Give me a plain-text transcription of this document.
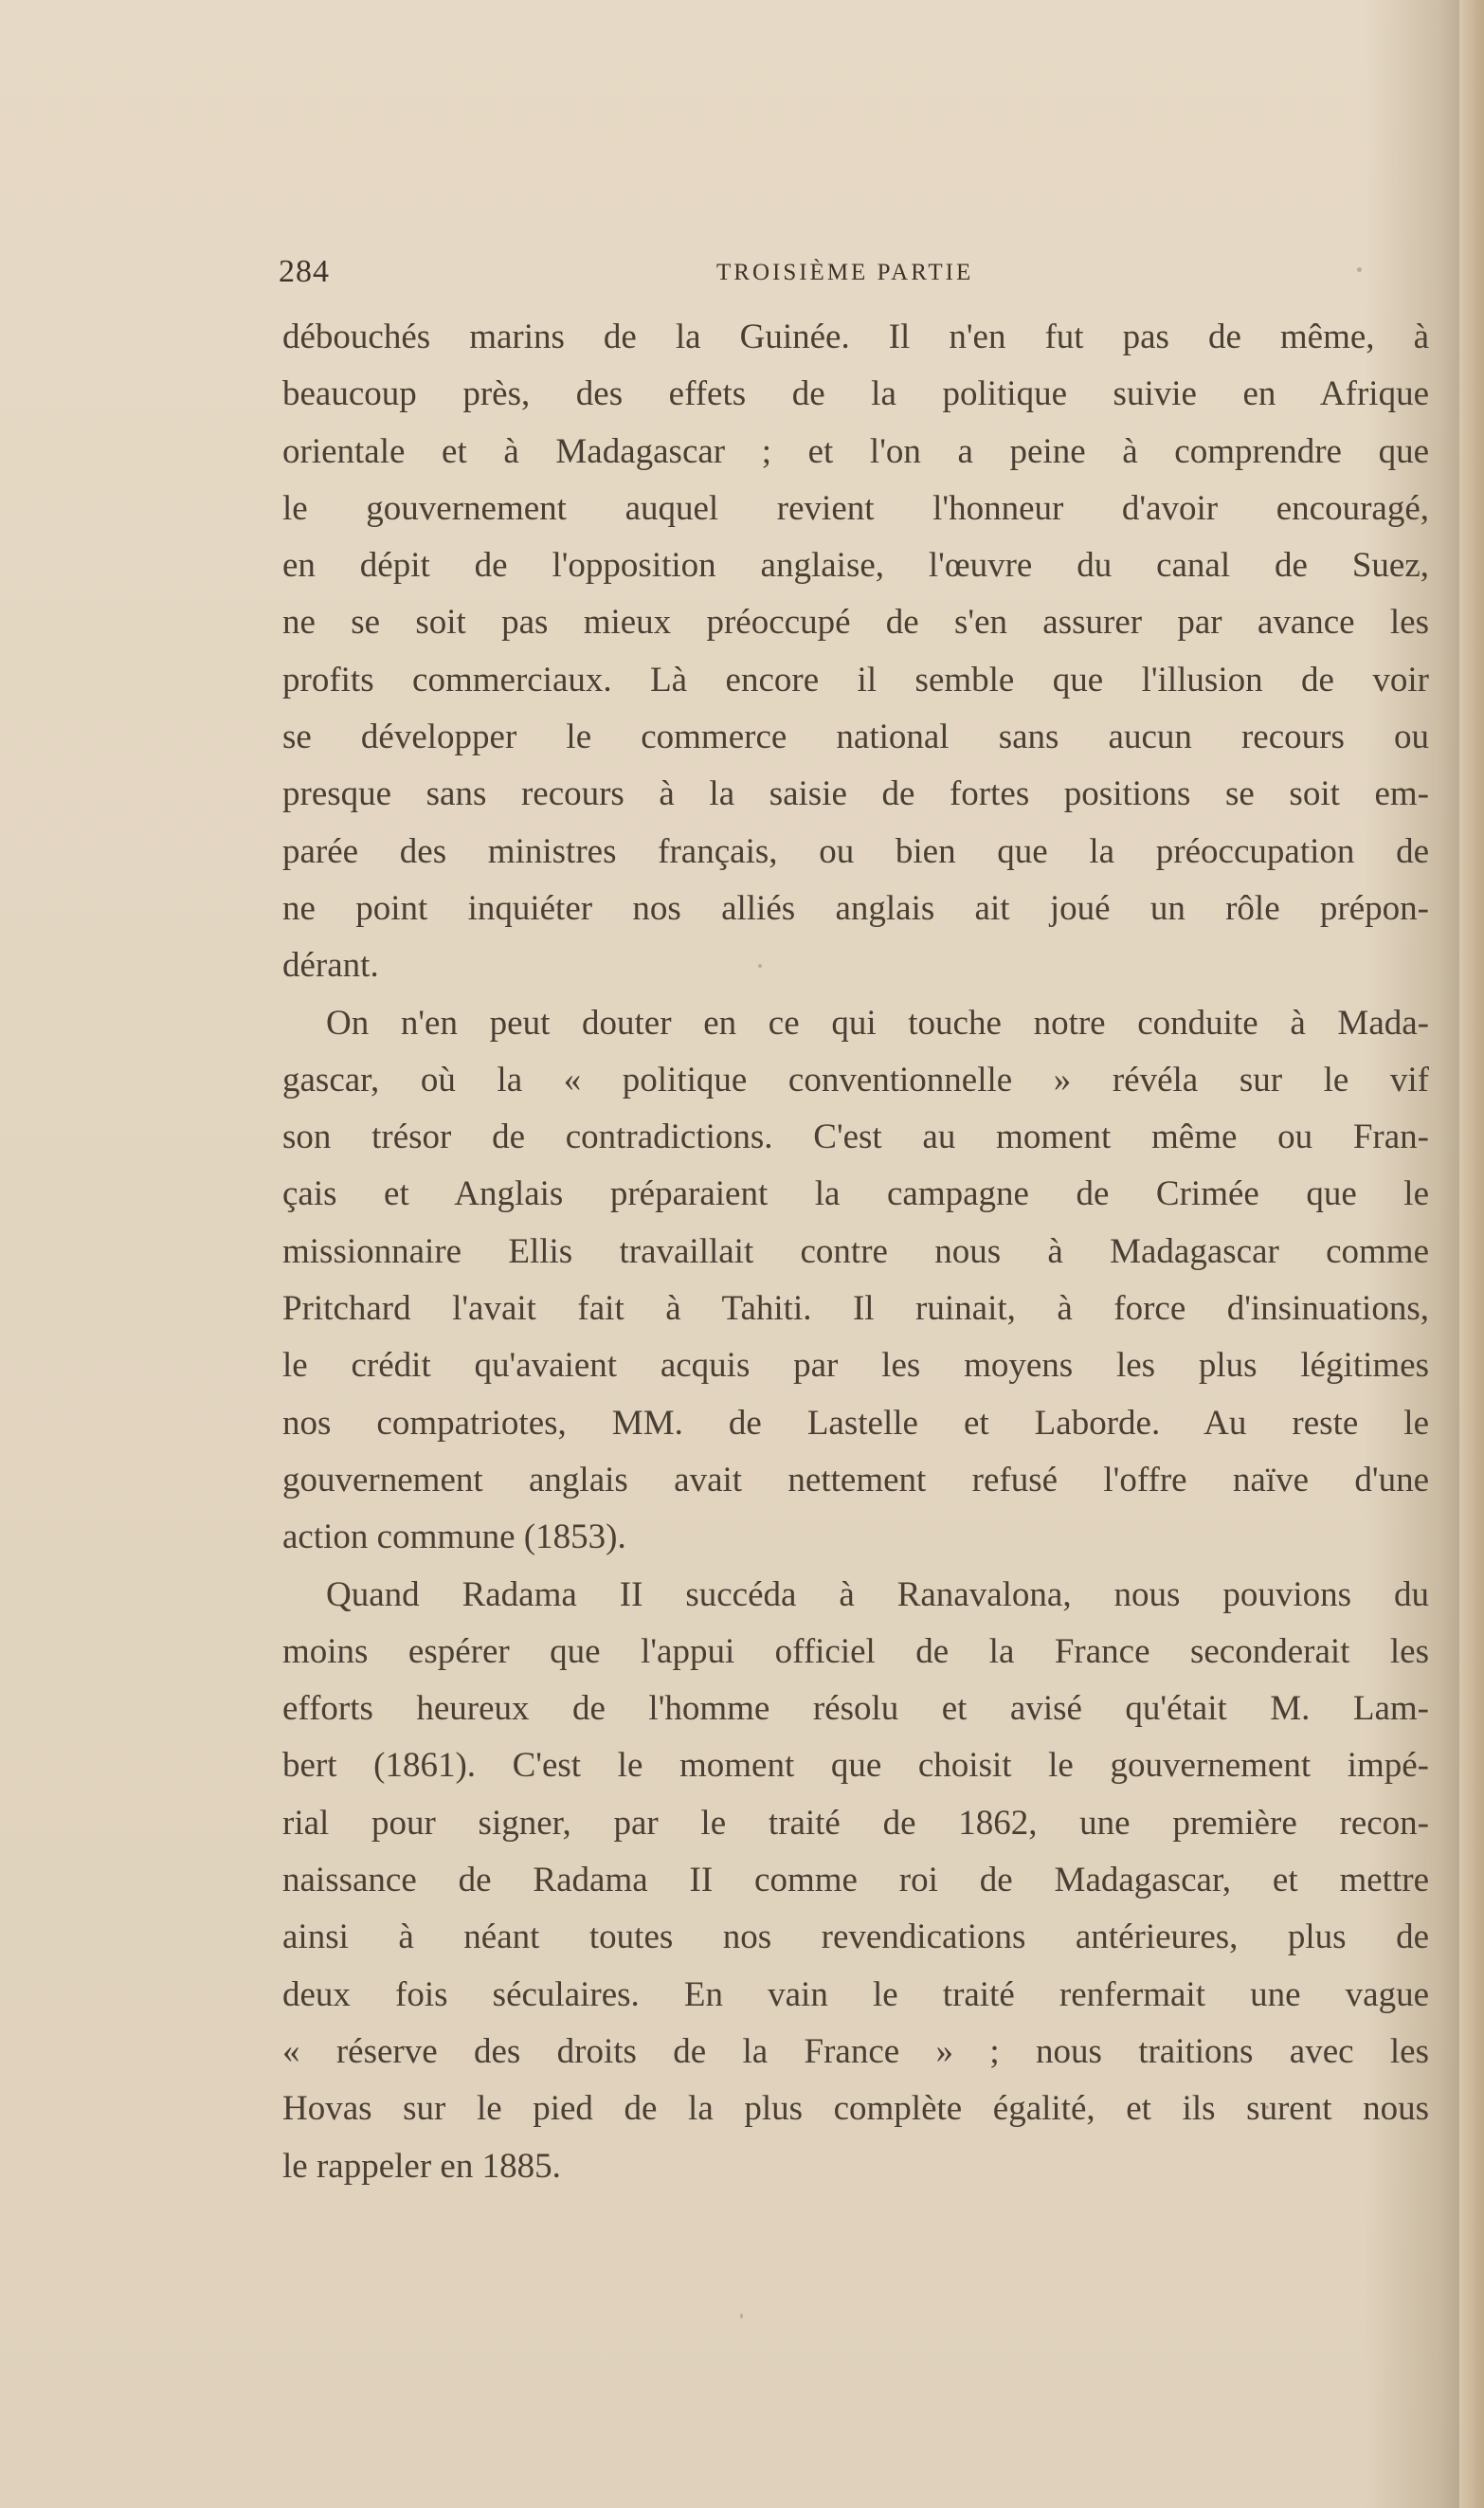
284	TROISIÈME PARTIE
débouchés marins de la Guinée. Il n'en fut pas de même, à
beaucoup près, des effets de la politique suivie en Afrique
orientale et à Madagascar ; et l'on a peine à comprendre que
le gouvernement auquel revient l'honneur d'avoir encouragé,
en dépit de l'opposition anglaise, l'œuvre du canal de Suez,
ne se soit pas mieux préoccupé de s'en assurer par avance les
profits commerciaux. Là encore il semble que l'illusion de voir
se développer le commerce national sans aucun recours ou
presque sans recours à la saisie de fortes positions se soit em-
parée des ministres français, ou bien que la préoccupation de
ne point inquiéter nos alliés anglais ait joué un rôle prépon-
dérant.
On n'en peut douter en ce qui touche notre conduite à Mada-
gascar, où la « politique conventionnelle » révéla sur le vif
son trésor de contradictions. C'est au moment même ou Fran-
çais et Anglais préparaient la campagne de Crimée que le
missionnaire Ellis travaillait contre nous à Madagascar comme
Pritchard l'avait fait à Tahiti. Il ruinait, à force d'insinuations,
le crédit qu'avaient acquis par les moyens les plus légitimes
nos compatriotes, MM. de Lastelle et Laborde. Au reste le
gouvernement anglais avait nettement refusé l'offre naïve d'une
action commune (1853).
Quand Radama II succéda à Ranavalona, nous pouvions du
moins espérer que l'appui officiel de la France seconderait les
efforts heureux de l'homme résolu et avisé qu'était M. Lam-
bert (1861). C'est le moment que choisit le gouvernement impé-
rial pour signer, par le traité de 1862, une première recon-
naissance de Radama II comme roi de Madagascar, et mettre
ainsi à néant toutes nos revendications antérieures, plus de
deux fois séculaires. En vain le traité renfermait une vague
« réserve des droits de la France » ; nous traitions avec les
Hovas sur le pied de la plus complète égalité, et ils surent nous
le rappeler en 1885.
